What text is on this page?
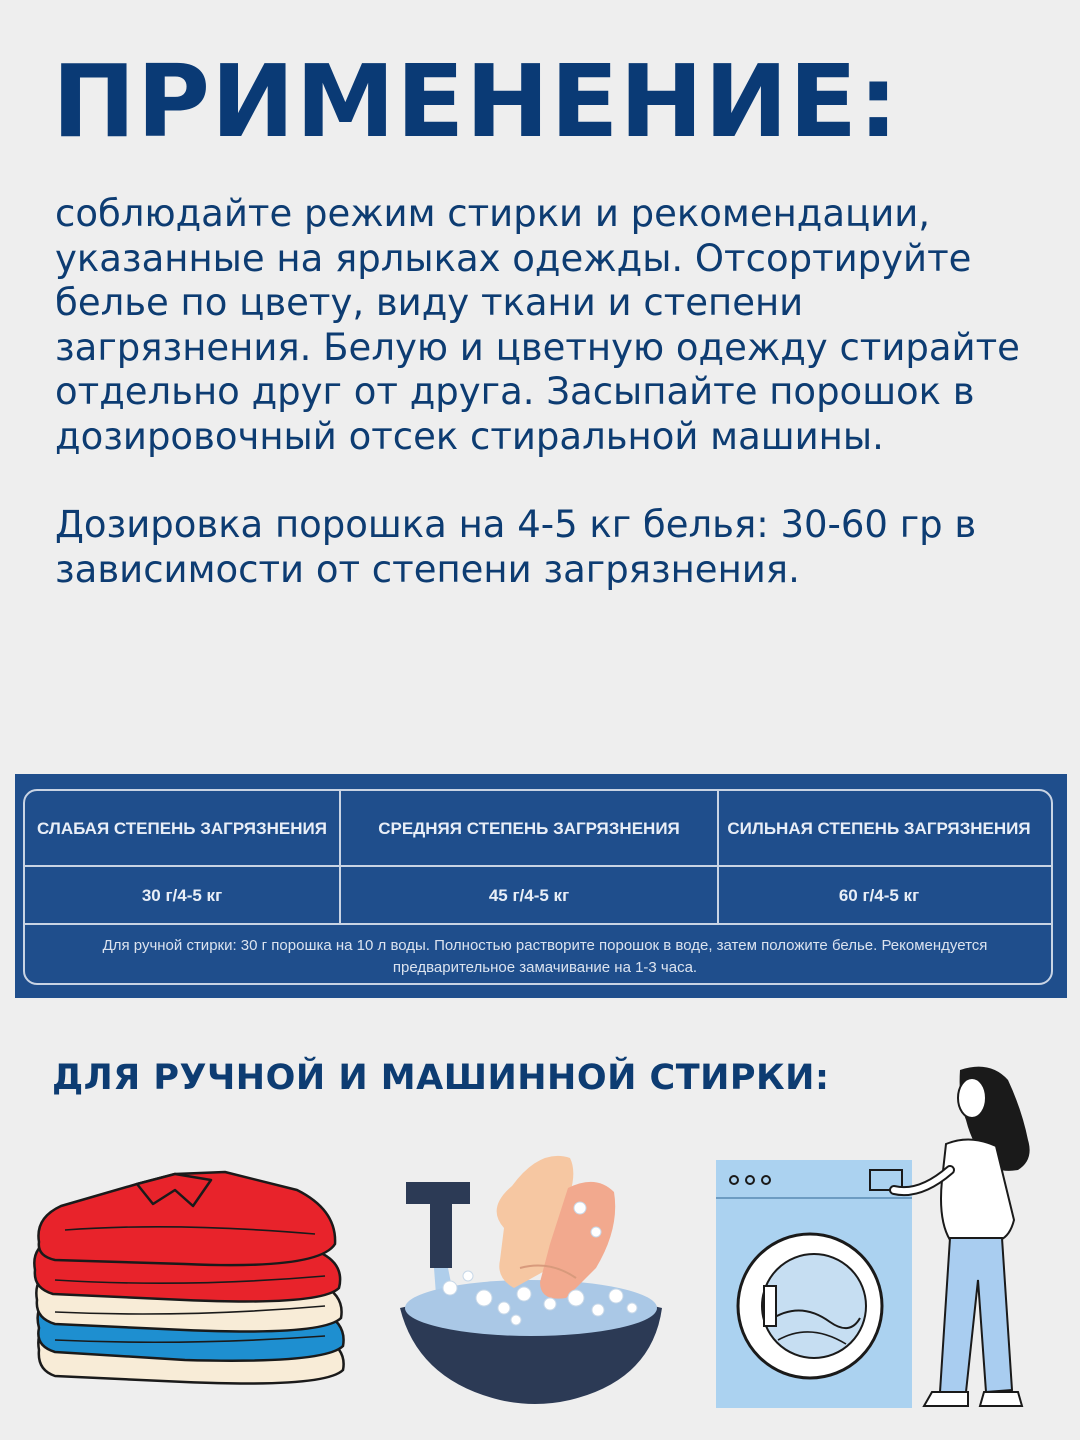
ПРИМЕНЕНИЕ:

соблюдайте режим стирки и рекомендации, указанные на ярлыках одежды. Отсортируйте белье по цвету, виду ткани и степени загрязнения. Белую и цветную одежду стирайте отдельно друг от друга. Засыпайте порошок в дозировочный отсек стиральной машины.

Дозировка порошка на 4-5 кг белья: 30-60 гр в зависимости от степени загрязнения.

СЛАБАЯ СТЕПЕНЬ ЗАГРЯЗНЕНИЯ	СРЕДНЯЯ СТЕПЕНЬ ЗАГРЯЗНЕНИЯ	СИЛЬНАЯ СТЕПЕНЬ ЗАГРЯЗНЕНИЯ
30 г/4-5 кг	45 г/4-5 кг	60 г/4-5 кг
Для ручной стирки: 30 г порошка на 10 л воды. Полностью растворите порошок в воде, затем положите белье. Рекомендуется предварительное замачивание на 1-3 часа.
ДЛЯ РУЧНОЙ И МАШИННОЙ СТИРКИ:
